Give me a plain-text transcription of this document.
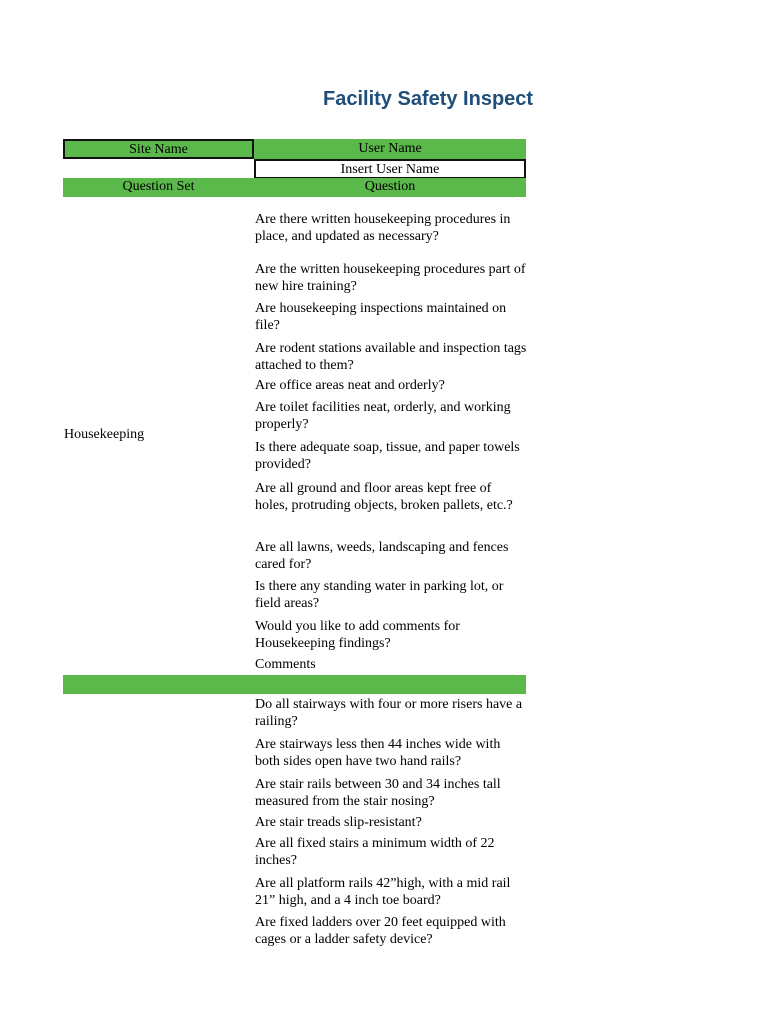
Facility Safety Inspect
Site Name	User Name
Insert User Name
Question Set	Question
Housekeeping

Are there written housekeeping procedures in place, and updated as necessary?

Are the written housekeeping procedures part of new hire training?

Are housekeeping inspections maintained on file?

Are rodent stations available and inspection tags attached to them?

Are office areas neat and orderly?

Are toilet facilities neat, orderly, and working properly?

Is there adequate soap, tissue, and paper towels provided?

Are all ground and floor areas kept free of holes, protruding objects, broken pallets, etc.?

Are all lawns, weeds, landscaping and fences cared for?

Is there any standing water in parking lot, or field areas?

Would you like to add comments for Housekeeping findings?

Comments

Do all stairways with four or more risers have a railing?

Are stairways less then 44 inches wide with both sides open have two hand rails?

Are stair rails between 30 and 34 inches tall measured from the stair nosing?

Are stair treads slip-resistant?

Are all fixed stairs a minimum width of 22 inches?

Are all platform rails 42”high, with a mid rail 21” high, and a 4 inch toe board?

Are fixed ladders over 20 feet equipped with cages or a ladder safety device?
